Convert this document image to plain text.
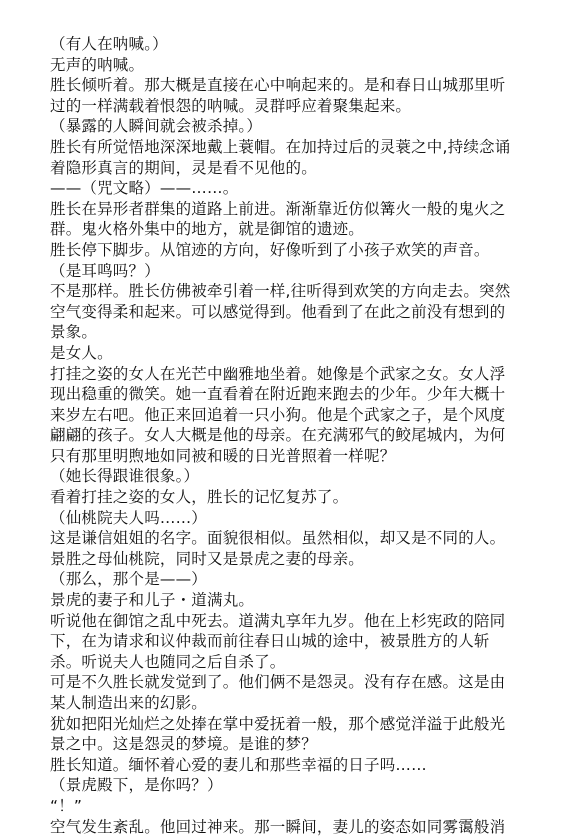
（有人在呐喊。）
无声的呐喊。
胜长倾听着。那大概是直接在心中响起来的。是和春日山城那里听
过的一样满载着恨怨的呐喊。灵群呼应着聚集起来。
（暴露的人瞬间就会被杀掉。）
胜长有所觉悟地深深地戴上蓑帽。在加持过后的灵蓑之中,持续念诵
着隐形真言的期间，灵是看不见他的。
——（咒文略）——……。
胜长在异形者群集的道路上前进。渐渐靠近仿似篝火一般的鬼火之
群。鬼火格外集中的地方，就是御馆的遗迹。
胜长停下脚步。从馆迹的方向，好像听到了小孩子欢笑的声音。
（是耳鸣吗？）
不是那样。胜长仿佛被牵引着一样,往听得到欢笑的方向走去。突然
空气变得柔和起来。可以感觉得到。他看到了在此之前没有想到的
景象。
是女人。
打挂之姿的女人在光芒中幽雅地坐着。她像是个武家之女。女人浮
现出稳重的微笑。她一直看着在附近跑来跑去的少年。少年大概十
来岁左右吧。他正来回追着一只小狗。他是个武家之子，是个风度
翩翩的孩子。女人大概是他的母亲。在充满邪气的鲛尾城内，为何
只有那里明煦地如同被和暖的日光普照着一样呢？
（她长得跟谁很象。）
看着打挂之姿的女人，胜长的记忆复苏了。
（仙桃院夫人吗……）
这是谦信姐姐的名字。面貌很相似。虽然相似，却又是不同的人。
景胜之母仙桃院，同时又是景虎之妻的母亲。
（那么，那个是——）
景虎的妻子和儿子・道满丸。
听说他在御馆之乱中死去。道满丸享年九岁。他在上杉宪政的陪同
下，在为请求和议仲裁而前往春日山城的途中，被景胜方的人斩
杀。听说夫人也随同之后自杀了。
可是不久胜长就发觉到了。他们俩不是怨灵。没有存在感。这是由
某人制造出来的幻影。
犹如把阳光灿烂之处捧在掌中爱抚着一般，那个感觉洋溢于此般光
景之中。这是怨灵的梦境。是谁的梦？
胜长知道。缅怀着心爱的妻儿和那些幸福的日子吗……
（景虎殿下，是你吗？）
“！”
空气发生紊乱。他回过神来。那一瞬间，妻儿的姿态如同雾霭般消
